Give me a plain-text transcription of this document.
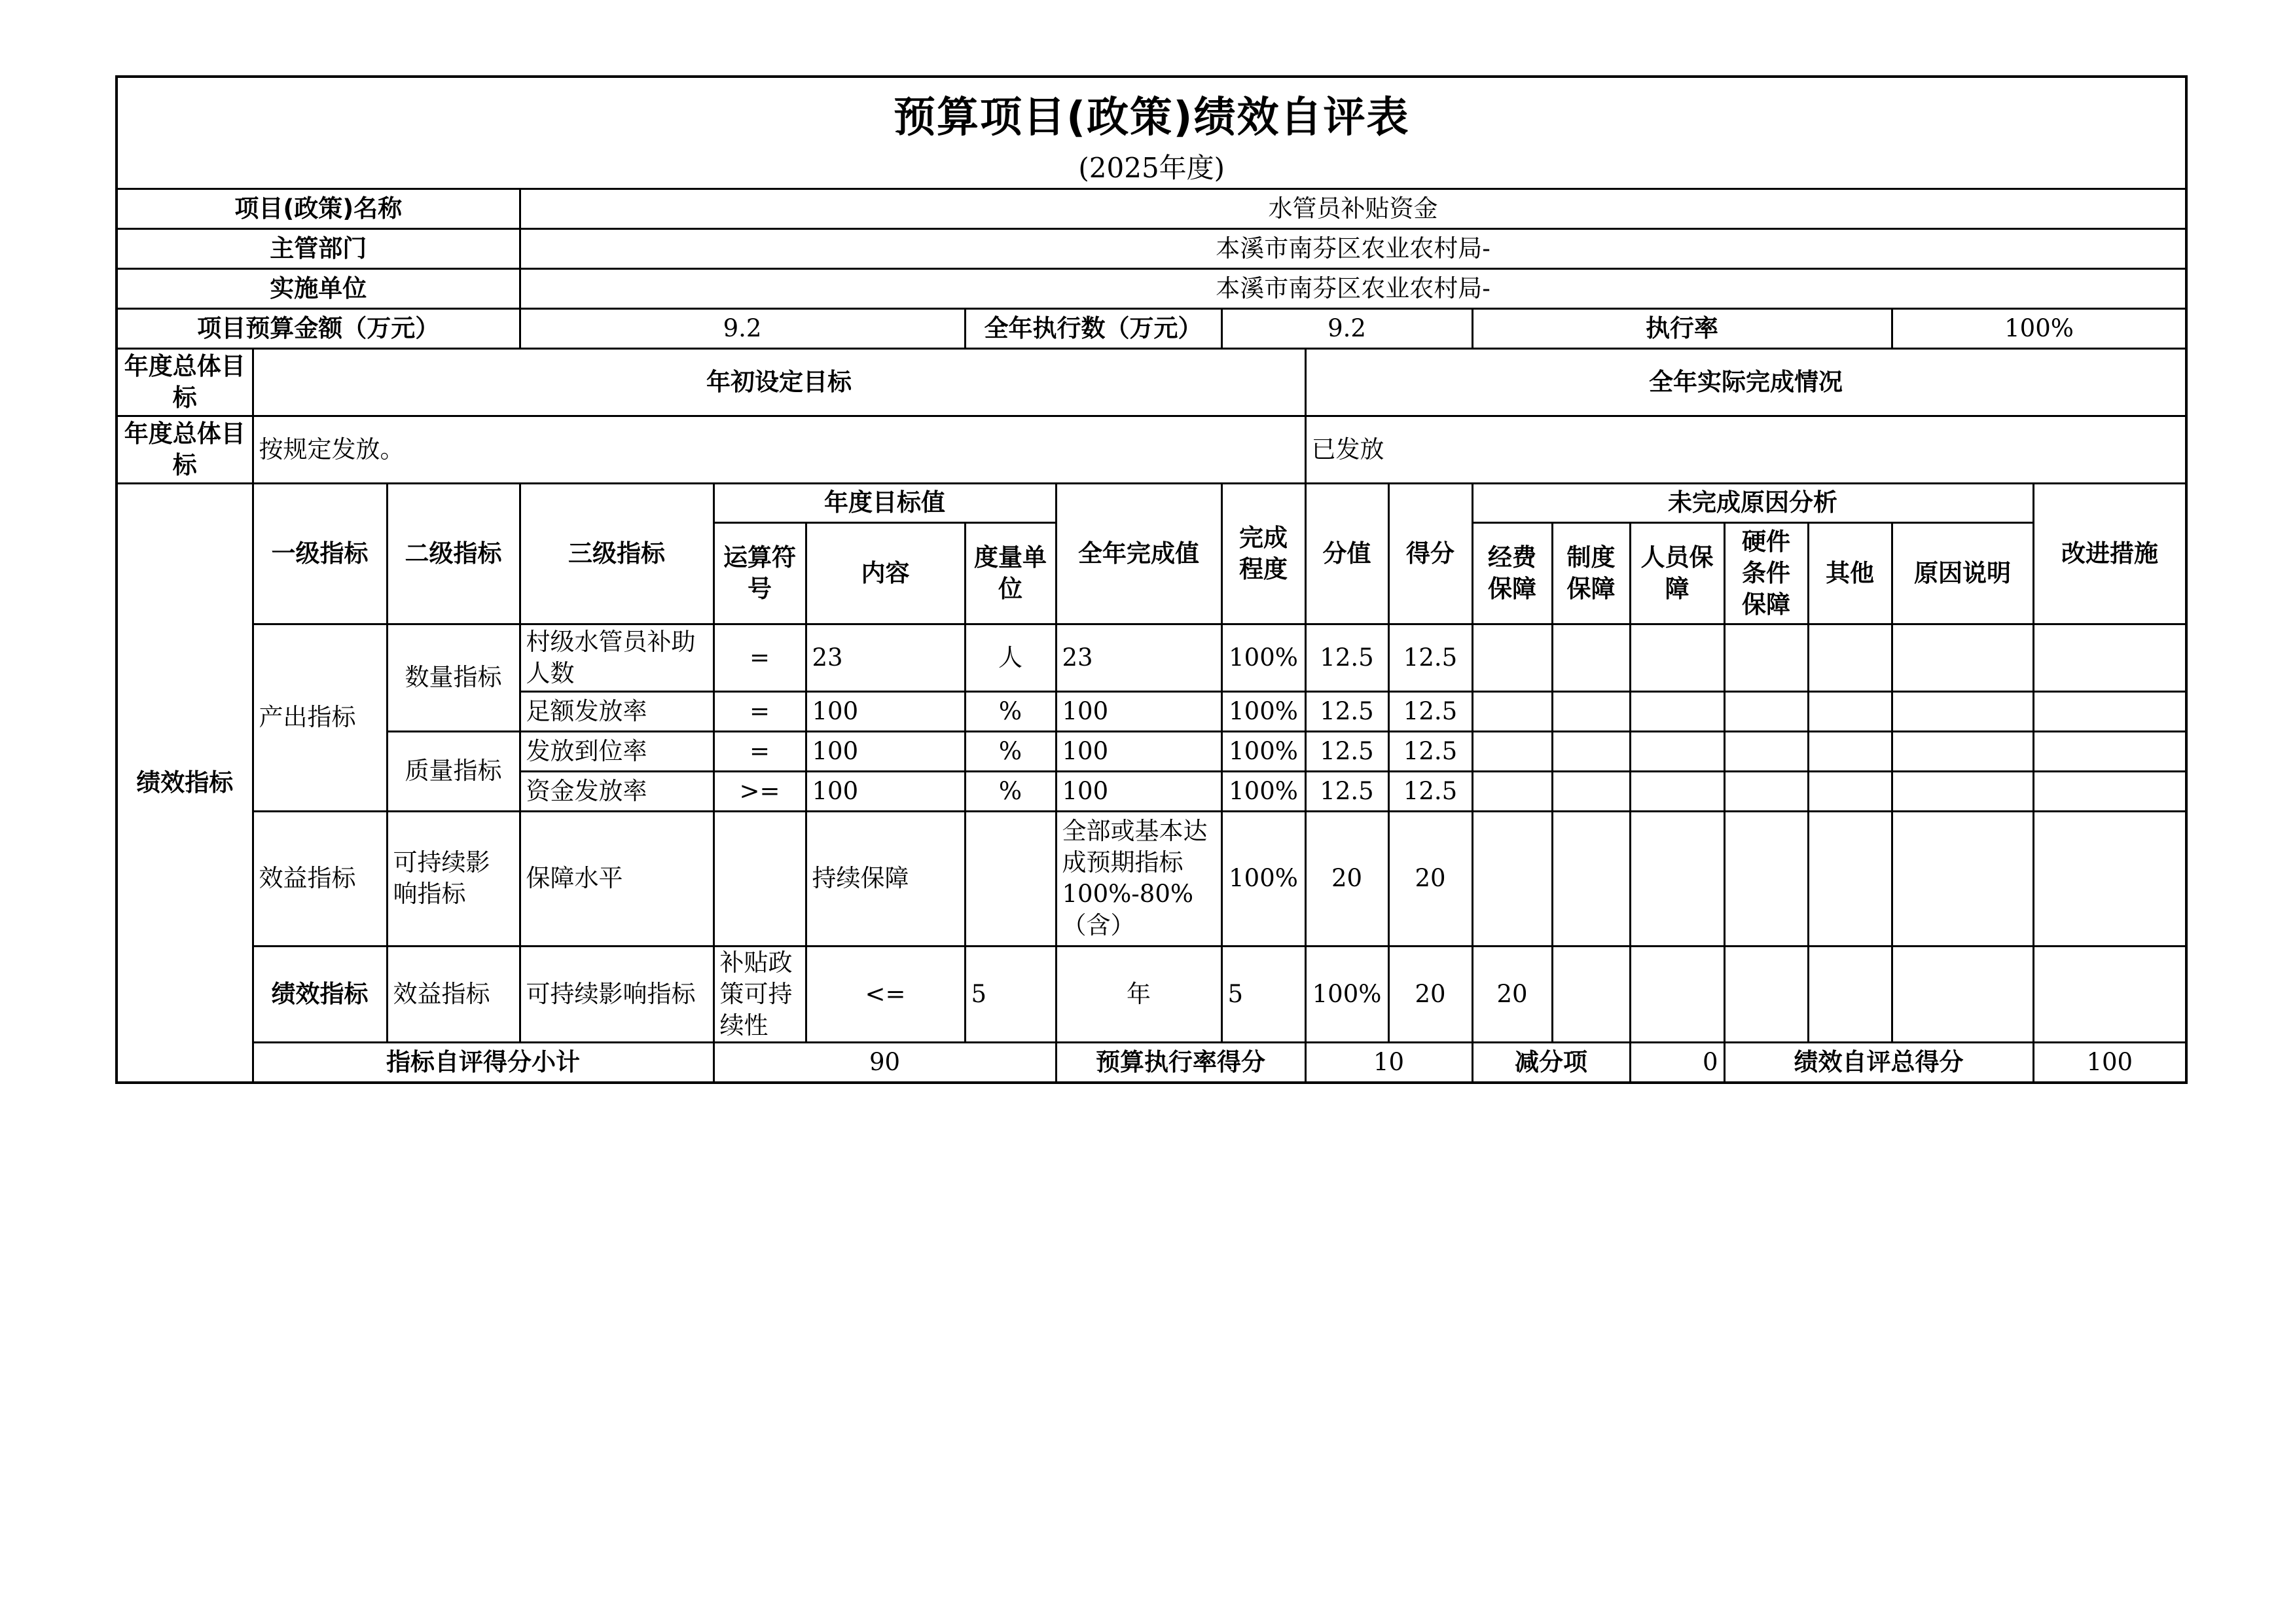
预算项目(政策)绩效自评表
(2025年度)																		

项目(政策)名称			水管员补贴资金															
主管部门			本溪市南芬区农业农村局-															
实施单位			本溪市南芬区农业农村局-															
项目预算金额（万元）			9.2			全年执行数（万元）		9.2			执行率					100%		
年度总体目标	年初设定目标								全年实际完成情况									
年度总体目标	按规定发放。								已发放									
绩效指标	一级指标	二级指标	三级指标	年度目标值			全年完成值	完成程度	分值	得分	未完成原因分析						改进措施	
				运算符号	内容	度量单位					经费保障	制度保障	人员保障	硬件条件保障	其他	原因说明		
	产出指标	数量指标	村级水管员补助人数	=	23	人	23	100%	12.5	12.5								
			足额发放率	=	100	%	100	100%	12.5	12.5								
		质量指标	发放到位率	=	100	%	100	100%	12.5	12.5								
			资金发放率	>=	100	%	100	100%	12.5	12.5								
	效益指标	可持续影响指标	保障水平		持续保障		全部或基本达成预期指标100%-80%（含）	100%	20	20								
	绩效指标	效益指标	可持续影响指标	补贴政策可持续性	<=	5	年	5	100%	20	20							
	指标自评得分小计			90			预算执行率得分		10		减分项		0	绩效自评总得分			100	
